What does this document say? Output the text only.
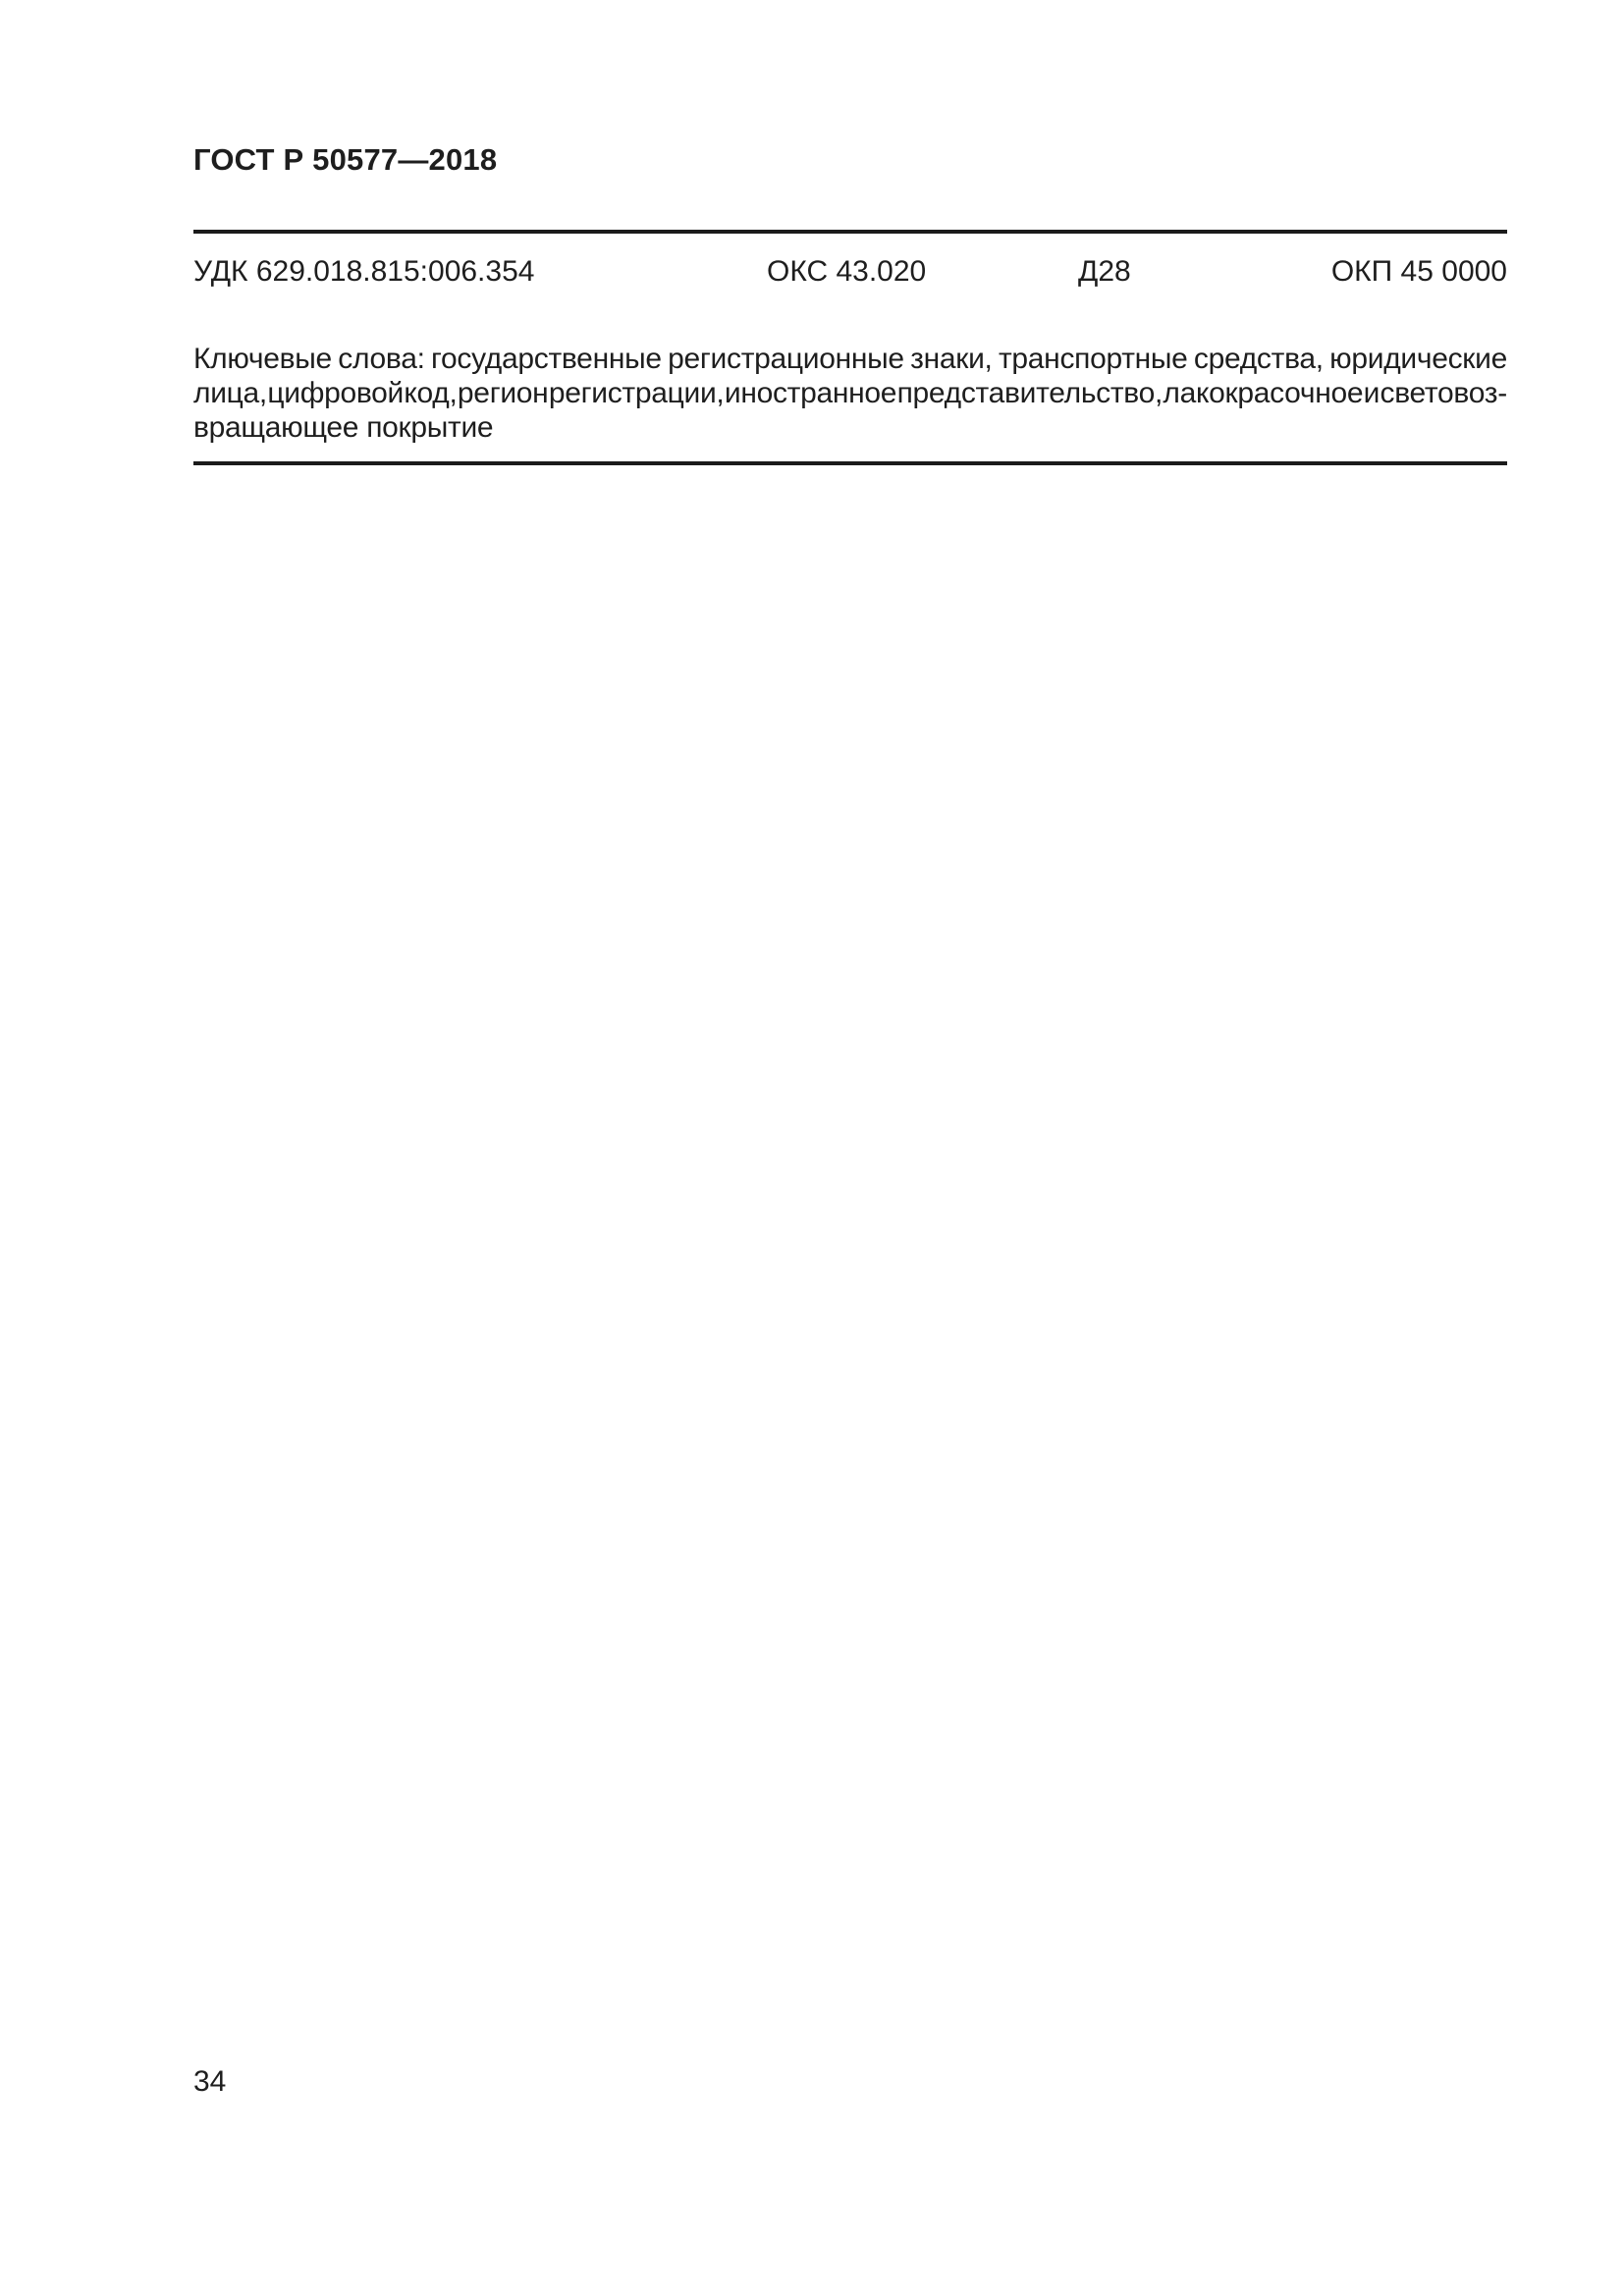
ГОСТ Р 50577—2018
УДК 629.018.815:006.354	ОКС 43.020	Д28	ОКП 45 0000
Ключевые слова: государственные регистрационные знаки, транспортные средства, юридические
лица, цифровой код, регион регистрации, иностранное представительство, лакокрасочное и световоз-
вращающее покрытие
34
